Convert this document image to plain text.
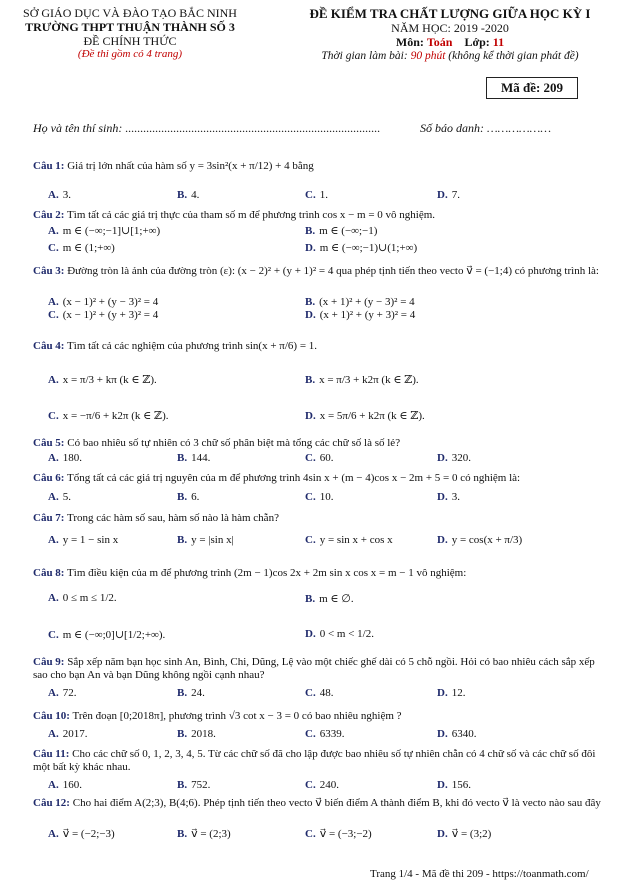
SỞ GIÁO DỤC VÀ ĐÀO TẠO BẮC NINH
TRƯỜNG THPT THUẬN THÀNH SỐ 3
ĐỀ CHÍNH THỨC
(Đề thi gồm có 4 trang)
ĐỀ KIỂM TRA CHẤT LƯỢNG GIỮA HỌC KỲ I
NĂM HỌC: 2019 -2020
Môn: Toán Lớp: 11
Thời gian làm bài: 90 phút (không kể thời gian phát đề)
Mã đề: 209
Họ và tên thí sinh: .....................................................................................	Số báo danh: ………………
Câu 1: Giá trị lớn nhất của hàm số y = 3sin²(x + π/12) + 4 bằng
A. 3.	B. 4.	C. 1.	D. 7.
Câu 2: Tìm tất cả các giá trị thực của tham số m để phương trình cos x − m = 0 vô nghiệm.
A. m ∈ (−∞;−1]∪[1;+∞)	B. m ∈ (−∞;−1)
C. m ∈ (1;+∞)	D. m ∈ (−∞;−1)∪(1;+∞)
Câu 3: Đường tròn là ảnh của đường tròn (ε): (x − 2)² + (y + 1)² = 4 qua phép tịnh tiến theo vecto v⃗ = (−1;4) có phương trình là:
A. (x − 1)² + (y − 3)² = 4	B. (x + 1)² + (y − 3)² = 4
C. (x − 1)² + (y + 3)² = 4	D. (x + 1)² + (y + 3)² = 4
Câu 4: Tìm tất cả các nghiệm của phương trình sin(x + π/6) = 1.
A. x = π/3 + kπ (k ∈ ℤ).	B. x = π/3 + k2π (k ∈ ℤ).
C. x = −π/6 + k2π (k ∈ ℤ).	D. x = 5π/6 + k2π (k ∈ ℤ).
Câu 5: Có bao nhiêu số tự nhiên có 3 chữ số phân biệt mà tổng các chữ số là số lẻ?
A. 180.	B. 144.	C. 60.	D. 320.
Câu 6: Tổng tất cả các giá trị nguyên của m để phương trình 4sin x + (m − 4)cos x − 2m + 5 = 0 có nghiệm là:
A. 5.	B. 6.	C. 10.	D. 3.
Câu 7: Trong các hàm số sau, hàm số nào là hàm chẵn?
A. y = 1 − sin x	B. y = |sin x|	C. y = sin x + cos x	D. y = cos(x + π/3)
Câu 8: Tìm điều kiện của m để phương trình (2m − 1)cos 2x + 2m sin x cos x = m − 1 vô nghiệm:
A. 0 ≤ m ≤ 1/2.	B. m ∈ ∅.
C. m ∈ (−∞;0]∪[1/2;+∞).	D. 0 < m < 1/2.
Câu 9: Sắp xếp năm bạn học sinh An, Bình, Chi, Dũng, Lệ vào một chiếc ghế dài có 5 chỗ ngồi. Hỏi có bao nhiêu cách sắp xếp sao cho bạn An và bạn Dũng không ngồi cạnh nhau?
A. 72.	B. 24.	C. 48.	D. 12.
Câu 10: Trên đoạn [0;2018π], phương trình √3 cot x − 3 = 0 có bao nhiêu nghiệm ?
A. 2017.	B. 2018.	C. 6339.	D. 6340.
Câu 11: Cho các chữ số 0, 1, 2, 3, 4, 5. Từ các chữ số đã cho lập được bao nhiêu số tự nhiên chẵn có 4 chữ số và các chữ số đôi một bất kỳ khác nhau.
A. 160.	B. 752.	C. 240.	D. 156.
Câu 12: Cho hai điểm A(2;3), B(4;6). Phép tịnh tiến theo vecto v⃗ biến điểm A thành điểm B, khi đó vecto v⃗ là vecto nào sau đây
A. v⃗ = (−2;−3)	B. v⃗ = (2;3)	C. v⃗ = (−3;−2)	D. v⃗ = (3;2)
Trang 1/4 - Mã đề thi 209 - https://toanmath.com/
